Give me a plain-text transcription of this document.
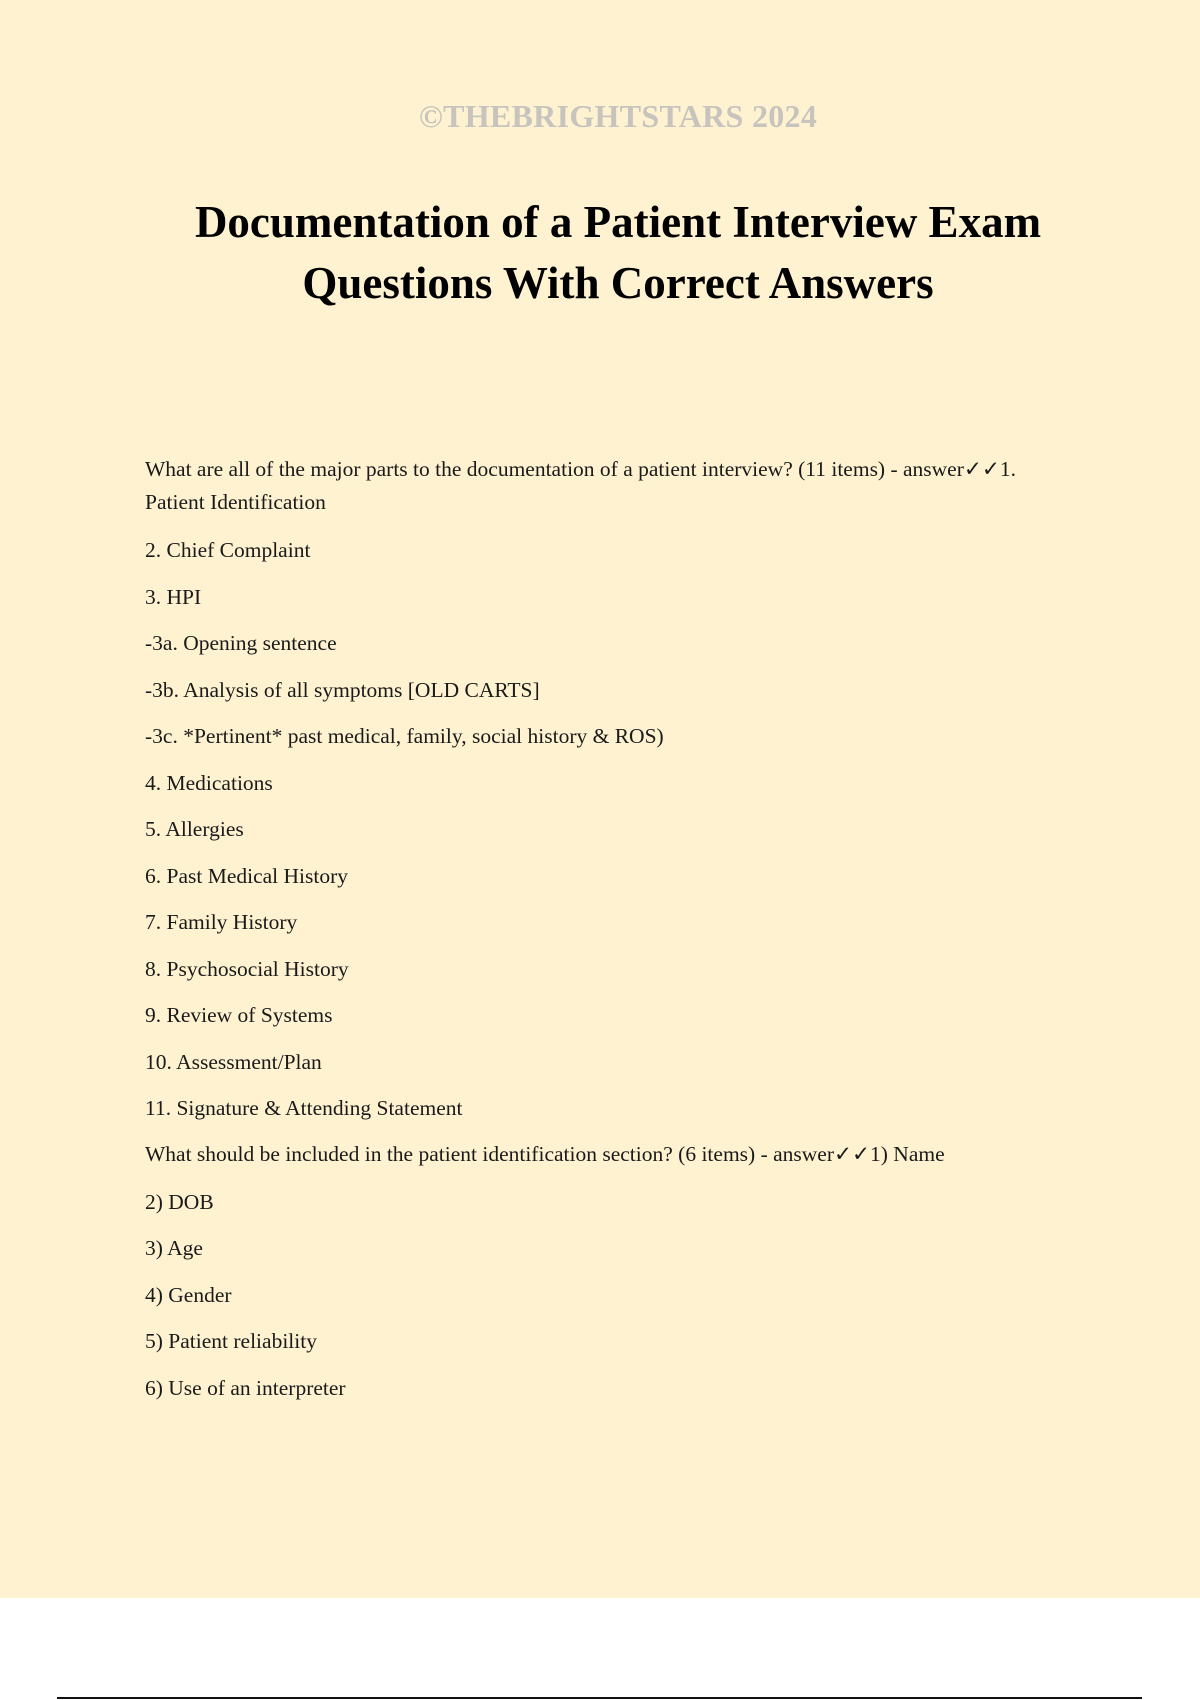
©THEBRIGHTSTARS 2024
Documentation of a Patient Interview Exam
Questions With Correct Answers

What are all of the major parts to the documentation of a patient interview? (11 items) - answer✓✓1. Patient Identification

2. Chief Complaint

3. HPI

-3a. Opening sentence

-3b. Analysis of all symptoms [OLD CARTS]

-3c. *Pertinent* past medical, family, social history & ROS)

4. Medications

5. Allergies

6. Past Medical History

7. Family History

8. Psychosocial History

9. Review of Systems

10. Assessment/Plan

11. Signature & Attending Statement

What should be included in the patient identification section? (6 items) - answer✓✓1) Name

2) DOB

3) Age

4) Gender

5) Patient reliability

6) Use of an interpreter
